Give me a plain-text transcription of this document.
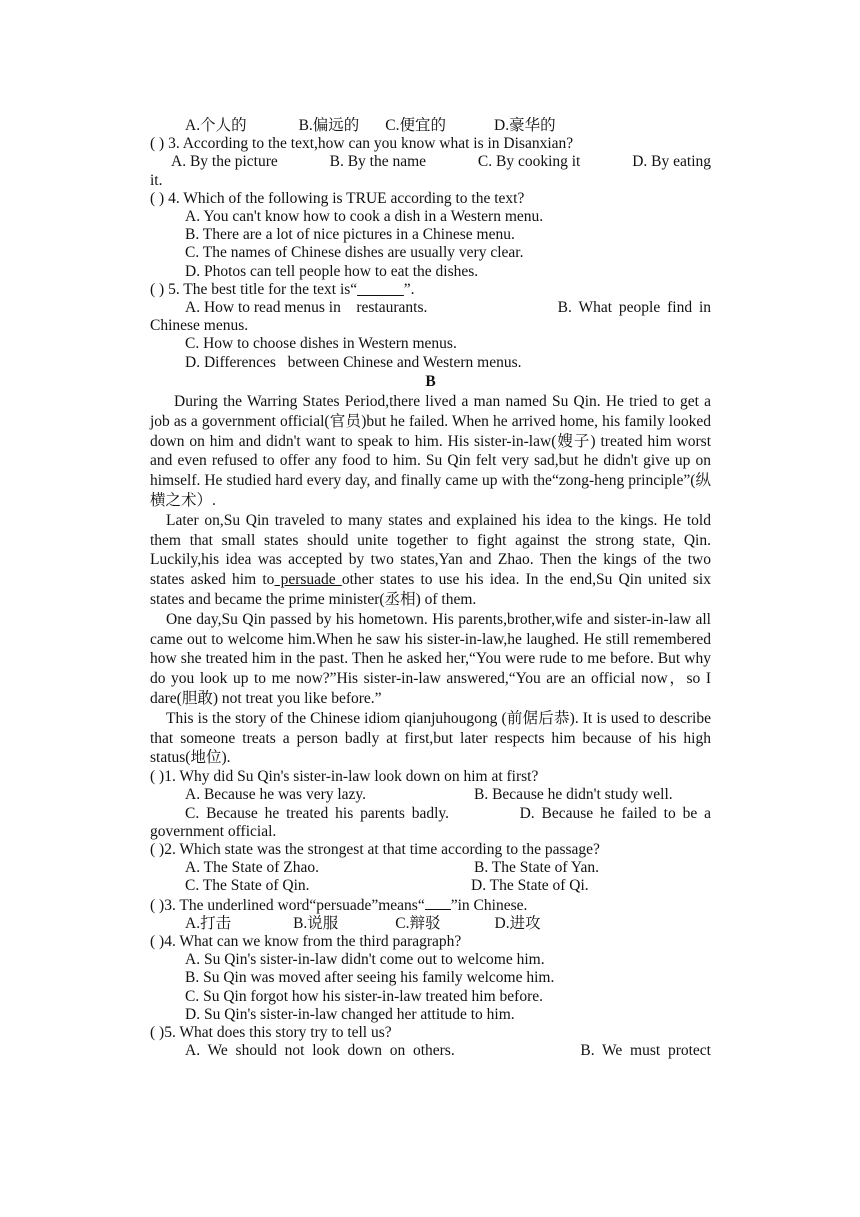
A.个人的	B.偏远的 C.便宜的	D.豪华的
( ) 3. According to the text,how can you know what is in Disanxian?
A. By the picture	B. By the name	C. By cooking it	D. By eating
it.
( ) 4. Which of the following is TRUE according to the text?
A. You can't know how to cook a dish in a Western menu.
B. There are a lot of nice pictures in a Chinese menu.
C. The names of Chinese dishes are usually very clear.
D. Photos can tell people how to eat the dishes.
( ) 5. The best title for the text is“______”.
A. How to read menus in    restaurants.	B. What people find in
Chinese menus.
C. How to choose dishes in Western menus.
D. Differences   between Chinese and Western menus.
B
During the Warring States Period,there lived a man named Su Qin. He tried to get a job as a government official(官员)but he failed. When he arrived home, his family looked down on him and didn't want to speak to him. His sister-in-law(嫂子) treated him worst and even refused to offer any food to him. Su Qin felt very sad,but he didn't give up on himself. He studied hard every day, and finally came up with the“zong-heng principle”(纵横之术）.
Later on,Su Qin traveled to many states and explained his idea to the kings. He told them that small states should unite together to fight against the strong state, Qin. Luckily,his idea was accepted by two states,Yan and Zhao. Then the kings of the two states asked him to persuade other states to use his idea. In the end,Su Qin united six states and became the prime minister(丞相) of them.
One day,Su Qin passed by his hometown. His parents,brother,wife and sister-in-law all came out to welcome him.When he saw his sister-in-law,he laughed. He still remembered how she treated him in the past. Then he asked her,“You were rude to me before. But why do you look up to me now?”His sister-in-law answered,“You are an official now，so I dare(胆敢) not treat you like before.”
This is the story of the Chinese idiom qianjuhougong (前倨后恭). It is used to describe that someone treats a person badly at first,but later respects him because of his high status(地位).
( )1. Why did Su Qin's sister-in-law look down on him at first?
A. Because he was very lazy.	B. Because he didn't study well.
C. Because he treated his parents badly.	D. Because he failed to be a
government official.
( )2. Which state was the strongest at that time according to the passage?
A. The State of Zhao.	B. The State of Yan.
C. The State of Qin.	D. The State of Qi.
( )3. The underlined word“persuade”means“ ”in Chinese.
A.打击	B.说服	C.辩驳	D.进攻
( )4. What can we know from the third paragraph?
A. Su Qin's sister-in-law didn't come out to welcome him.
B. Su Qin was moved after seeing his family welcome him.
C. Su Qin forgot how his sister-in-law treated him before.
D. Su Qin's sister-in-law changed her attitude to him.
( )5. What does this story try to tell us?
A.  We  should  not  look  down  on  others.	B.  We  must  protect
